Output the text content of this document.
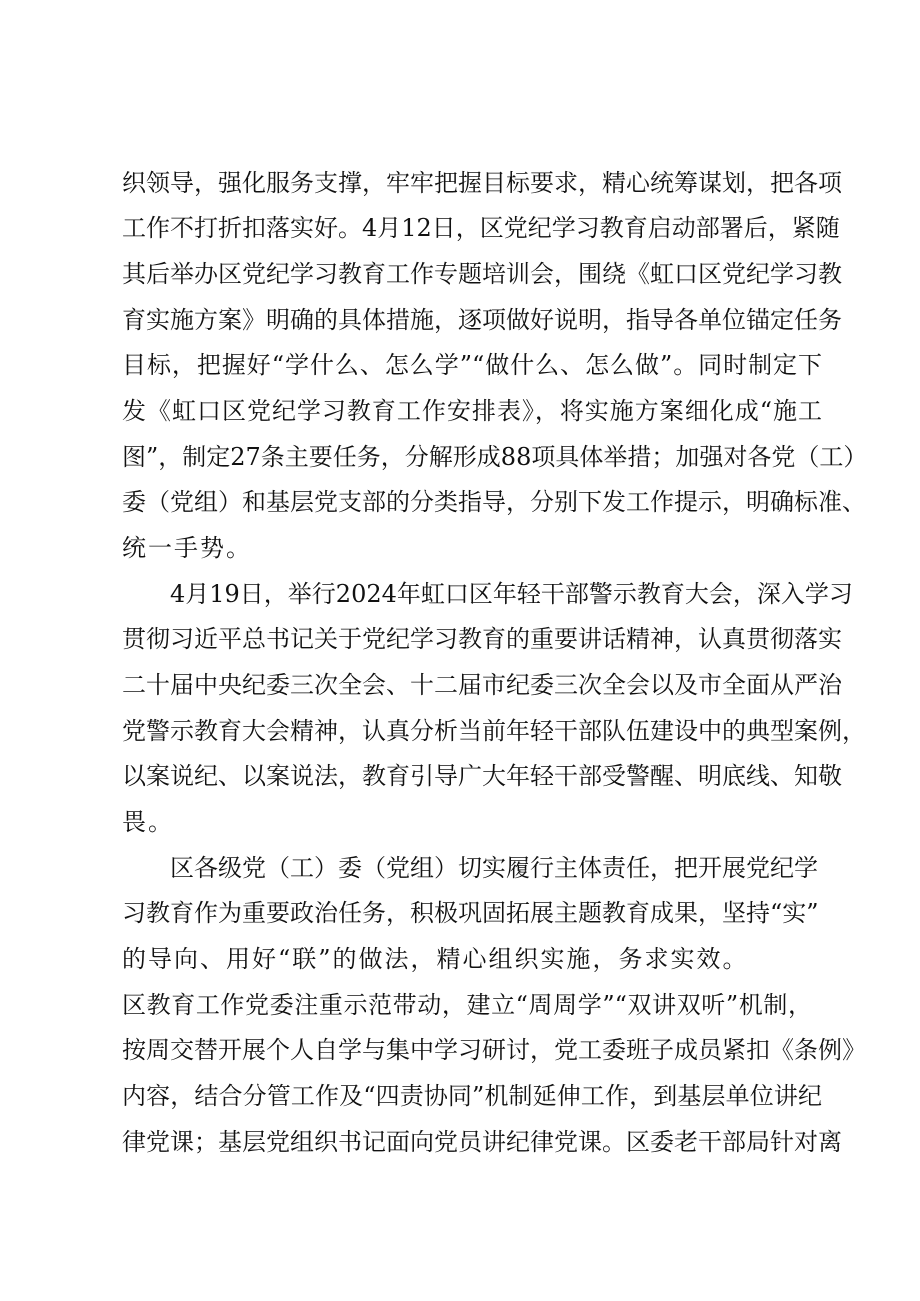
织领导，强化服务支撑，牢牢把握目标要求，精心统筹谋划，把各项
工作不打折扣落实好。4月12日，区党纪学习教育启动部署后，紧随
其后举办区党纪学习教育工作专题培训会，围绕《虹口区党纪学习教
育实施方案》明确的具体措施，逐项做好说明，指导各单位锚定任务
目标，把握好“学什么、怎么学”“做什么、怎么做”。同时制定下
发《虹口区党纪学习教育工作安排表》，将实施方案细化成“施工
图”，制定27条主要任务，分解形成88项具体举措；加强对各党（工）
委（党组）和基层党支部的分类指导，分别下发工作提示，明确标准、
统一手势。
4月19日，举行2024年虹口区年轻干部警示教育大会，深入学习
贯彻习近平总书记关于党纪学习教育的重要讲话精神，认真贯彻落实
二十届中央纪委三次全会、十二届市纪委三次全会以及市全面从严治
党警示教育大会精神，认真分析当前年轻干部队伍建设中的典型案例，
以案说纪、以案说法，教育引导广大年轻干部受警醒、明底线、知敬
畏。
区各级党（工）委（党组）切实履行主体责任，把开展党纪学
习教育作为重要政治任务，积极巩固拓展主题教育成果，坚持“实”
的导向、用好“联”的做法，精心组织实施，务求实效。
区教育工作党委注重示范带动，建立“周周学”“双讲双听”机制，
按周交替开展个人自学与集中学习研讨，党工委班子成员紧扣《条例》
内容，结合分管工作及“四责协同”机制延伸工作，到基层单位讲纪
律党课；基层党组织书记面向党员讲纪律党课。区委老干部局针对离
